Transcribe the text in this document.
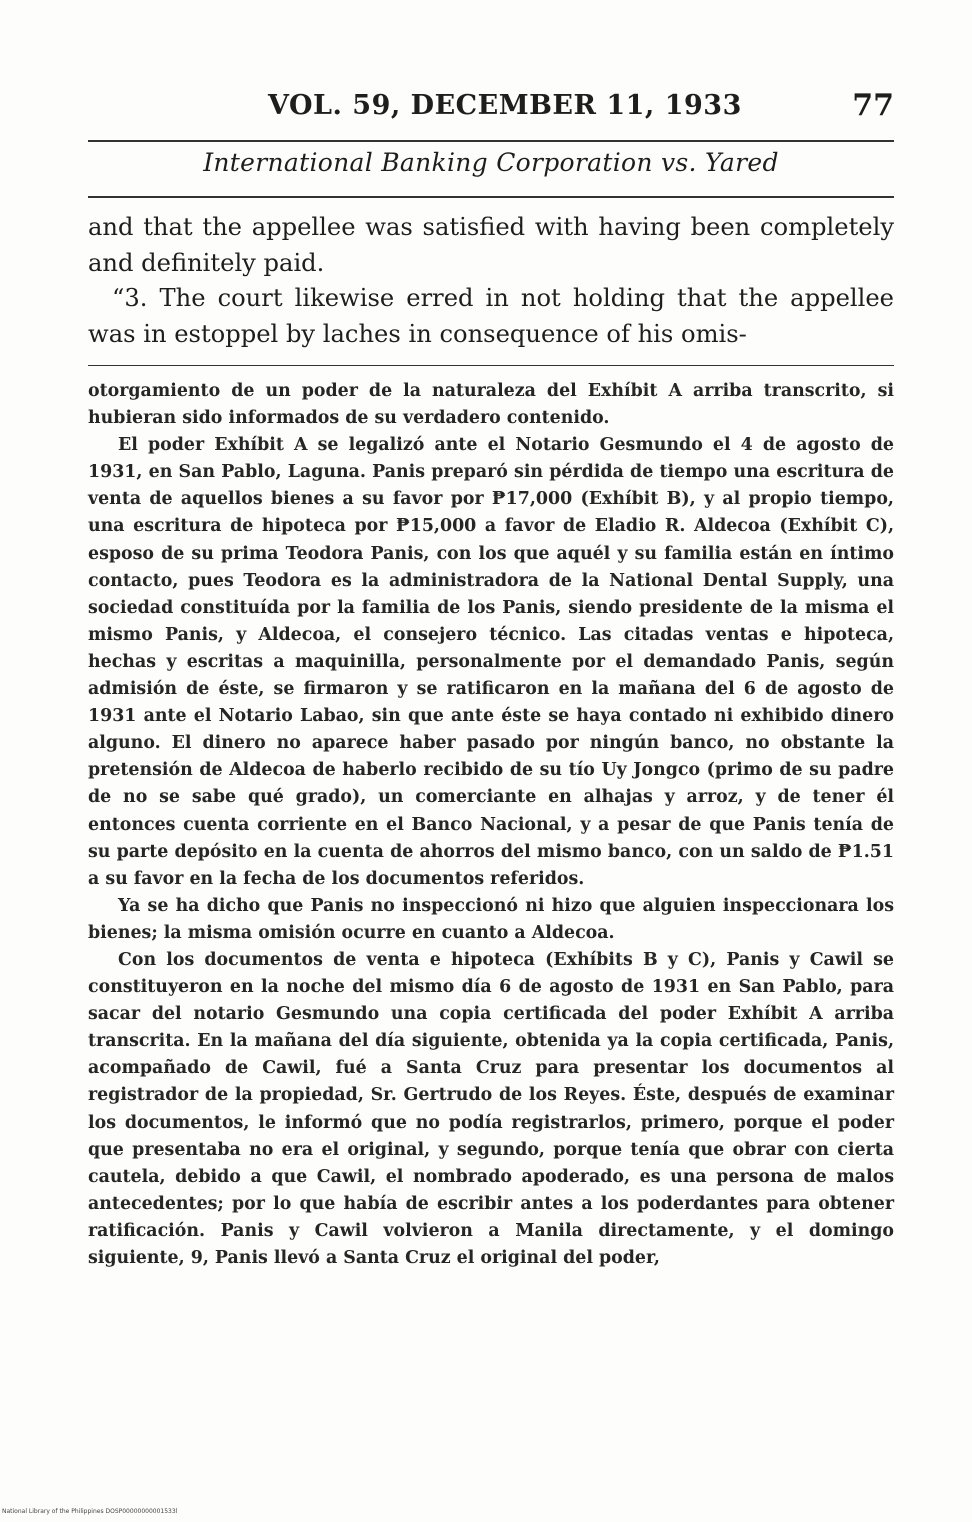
VOL. 59, DECEMBER 11, 1933	77
International Banking Corporation vs. Yared

and that the appellee was satisfied with having been completely and definitely paid.

“3. The court likewise erred in not holding that the appellee was in estoppel by laches in consequence of his omis-

otorgamiento de un poder de la naturaleza del Exhíbit A arriba transcrito, si hubieran sido informados de su verdadero contenido.

El poder Exhíbit A se legalizó ante el Notario Gesmundo el 4 de agosto de 1931, en San Pablo, Laguna. Panis preparó sin pérdida de tiempo una escritura de venta de aquellos bienes a su favor por ₱17,000 (Exhíbit B), y al propio tiempo, una escritura de hipoteca por ₱15,000 a favor de Eladio R. Aldecoa (Exhíbit C), esposo de su prima Teodora Panis, con los que aquél y su familia están en íntimo contacto, pues Teodora es la administradora de la National Dental Supply, una sociedad constituída por la familia de los Panis, siendo presidente de la misma el mismo Panis, y Aldecoa, el consejero técnico. Las citadas ventas e hipoteca, hechas y escritas a maquinilla, personalmente por el demandado Panis, según admisión de éste, se firmaron y se ratificaron en la mañana del 6 de agosto de 1931 ante el Notario Labao, sin que ante éste se haya contado ni exhibido dinero alguno. El dinero no aparece haber pasado por ningún banco, no obstante la pretensión de Aldecoa de haberlo recibido de su tío Uy Jongco (primo de su padre de no se sabe qué grado), un comerciante en alhajas y arroz, y de tener él entonces cuenta corriente en el Banco Nacional, y a pesar de que Panis tenía de su parte depósito en la cuenta de ahorros del mismo banco, con un saldo de ₱1.51 a su favor en la fecha de los documentos referidos.

Ya se ha dicho que Panis no inspeccionó ni hizo que alguien inspeccionara los bienes; la misma omisión ocurre en cuanto a Aldecoa.

Con los documentos de venta e hipoteca (Exhíbits B y C), Panis y Cawil se constituyeron en la noche del mismo día 6 de agosto de 1931 en San Pablo, para sacar del notario Gesmundo una copia certificada del poder Exhíbit A arriba transcrita. En la mañana del día siguiente, obtenida ya la copia certificada, Panis, acompañado de Cawil, fué a Santa Cruz para presentar los documentos al registrador de la propiedad, Sr. Gertrudo de los Reyes. Éste, después de examinar los documentos, le informó que no podía registrarlos, primero, porque el poder que presentaba no era el original, y segundo, porque tenía que obrar con cierta cautela, debido a que Cawil, el nombrado apoderado, es una persona de malos antecedentes; por lo que había de escribir antes a los poderdantes para obtener ratificación. Panis y Cawil volvieron a Manila directamente, y el domingo siguiente, 9, Panis llevó a Santa Cruz el original del poder,

National Library of the Philippines DOSP00000000001533l
